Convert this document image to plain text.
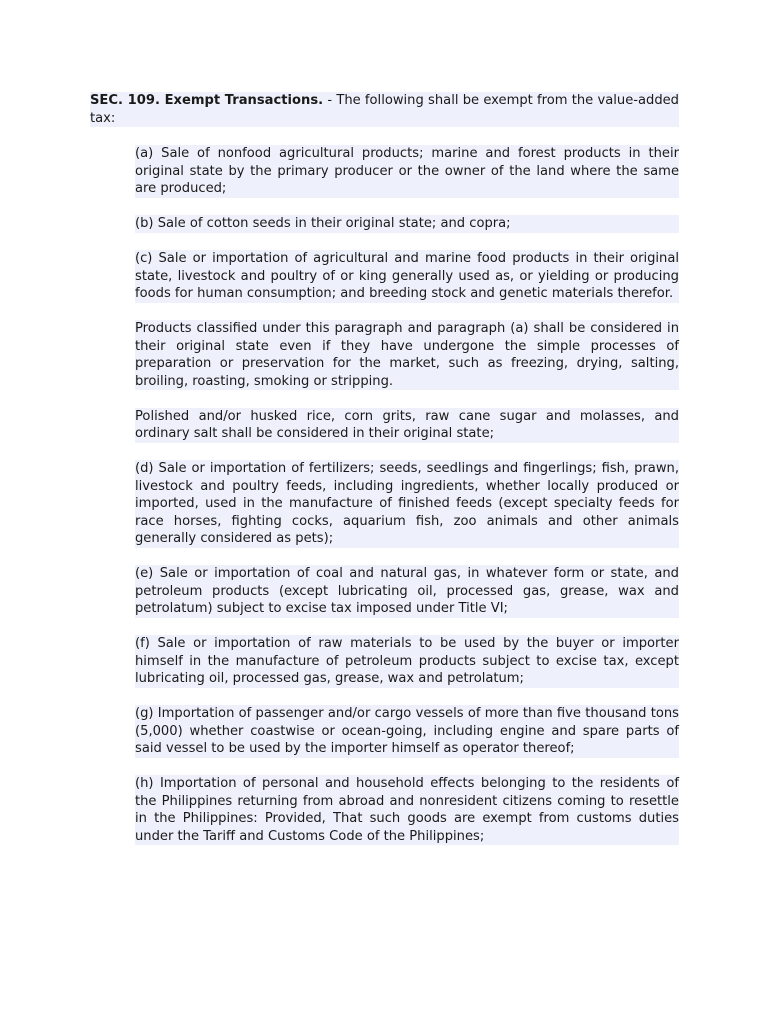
SEC. 109. Exempt Transactions. - The following shall be exempt from the value-added tax:

(a) Sale of nonfood agricultural products; marine and forest products in their original state by the primary producer or the owner of the land where the same are produced;

(b) Sale of cotton seeds in their original state; and copra;

(c) Sale or importation of agricultural and marine food products in their original state, livestock and poultry of or king generally used as, or yielding or producing foods for human consumption; and breeding stock and genetic materials therefor.

Products classified under this paragraph and paragraph (a) shall be considered in their original state even if they have undergone the simple processes of preparation or preservation for the market, such as freezing, drying, salting, broiling, roasting, smoking or stripping.

Polished and/or husked rice, corn grits, raw cane sugar and molasses, and ordinary salt shall be considered in their original state;

(d) Sale or importation of fertilizers; seeds, seedlings and fingerlings; fish, prawn, livestock and poultry feeds, including ingredients, whether locally produced or imported, used in the manufacture of finished feeds (except specialty feeds for race horses, fighting cocks, aquarium fish, zoo animals and other animals generally considered as pets);

(e) Sale or importation of coal and natural gas, in whatever form or state, and petroleum products (except lubricating oil, processed gas, grease, wax and petrolatum) subject to excise tax imposed under Title VI;

(f) Sale or importation of raw materials to be used by the buyer or importer himself in the manufacture of petroleum products subject to excise tax, except lubricating oil, processed gas, grease, wax and petrolatum;

(g) Importation of passenger and/or cargo vessels of more than five thousand tons (5,000) whether coastwise or ocean-going, including engine and spare parts of said vessel to be used by the importer himself as operator thereof;

(h) Importation of personal and household effects belonging to the residents of the Philippines returning from abroad and nonresident citizens coming to resettle in the Philippines: Provided, That such goods are exempt from customs duties under the Tariff and Customs Code of the Philippines;
